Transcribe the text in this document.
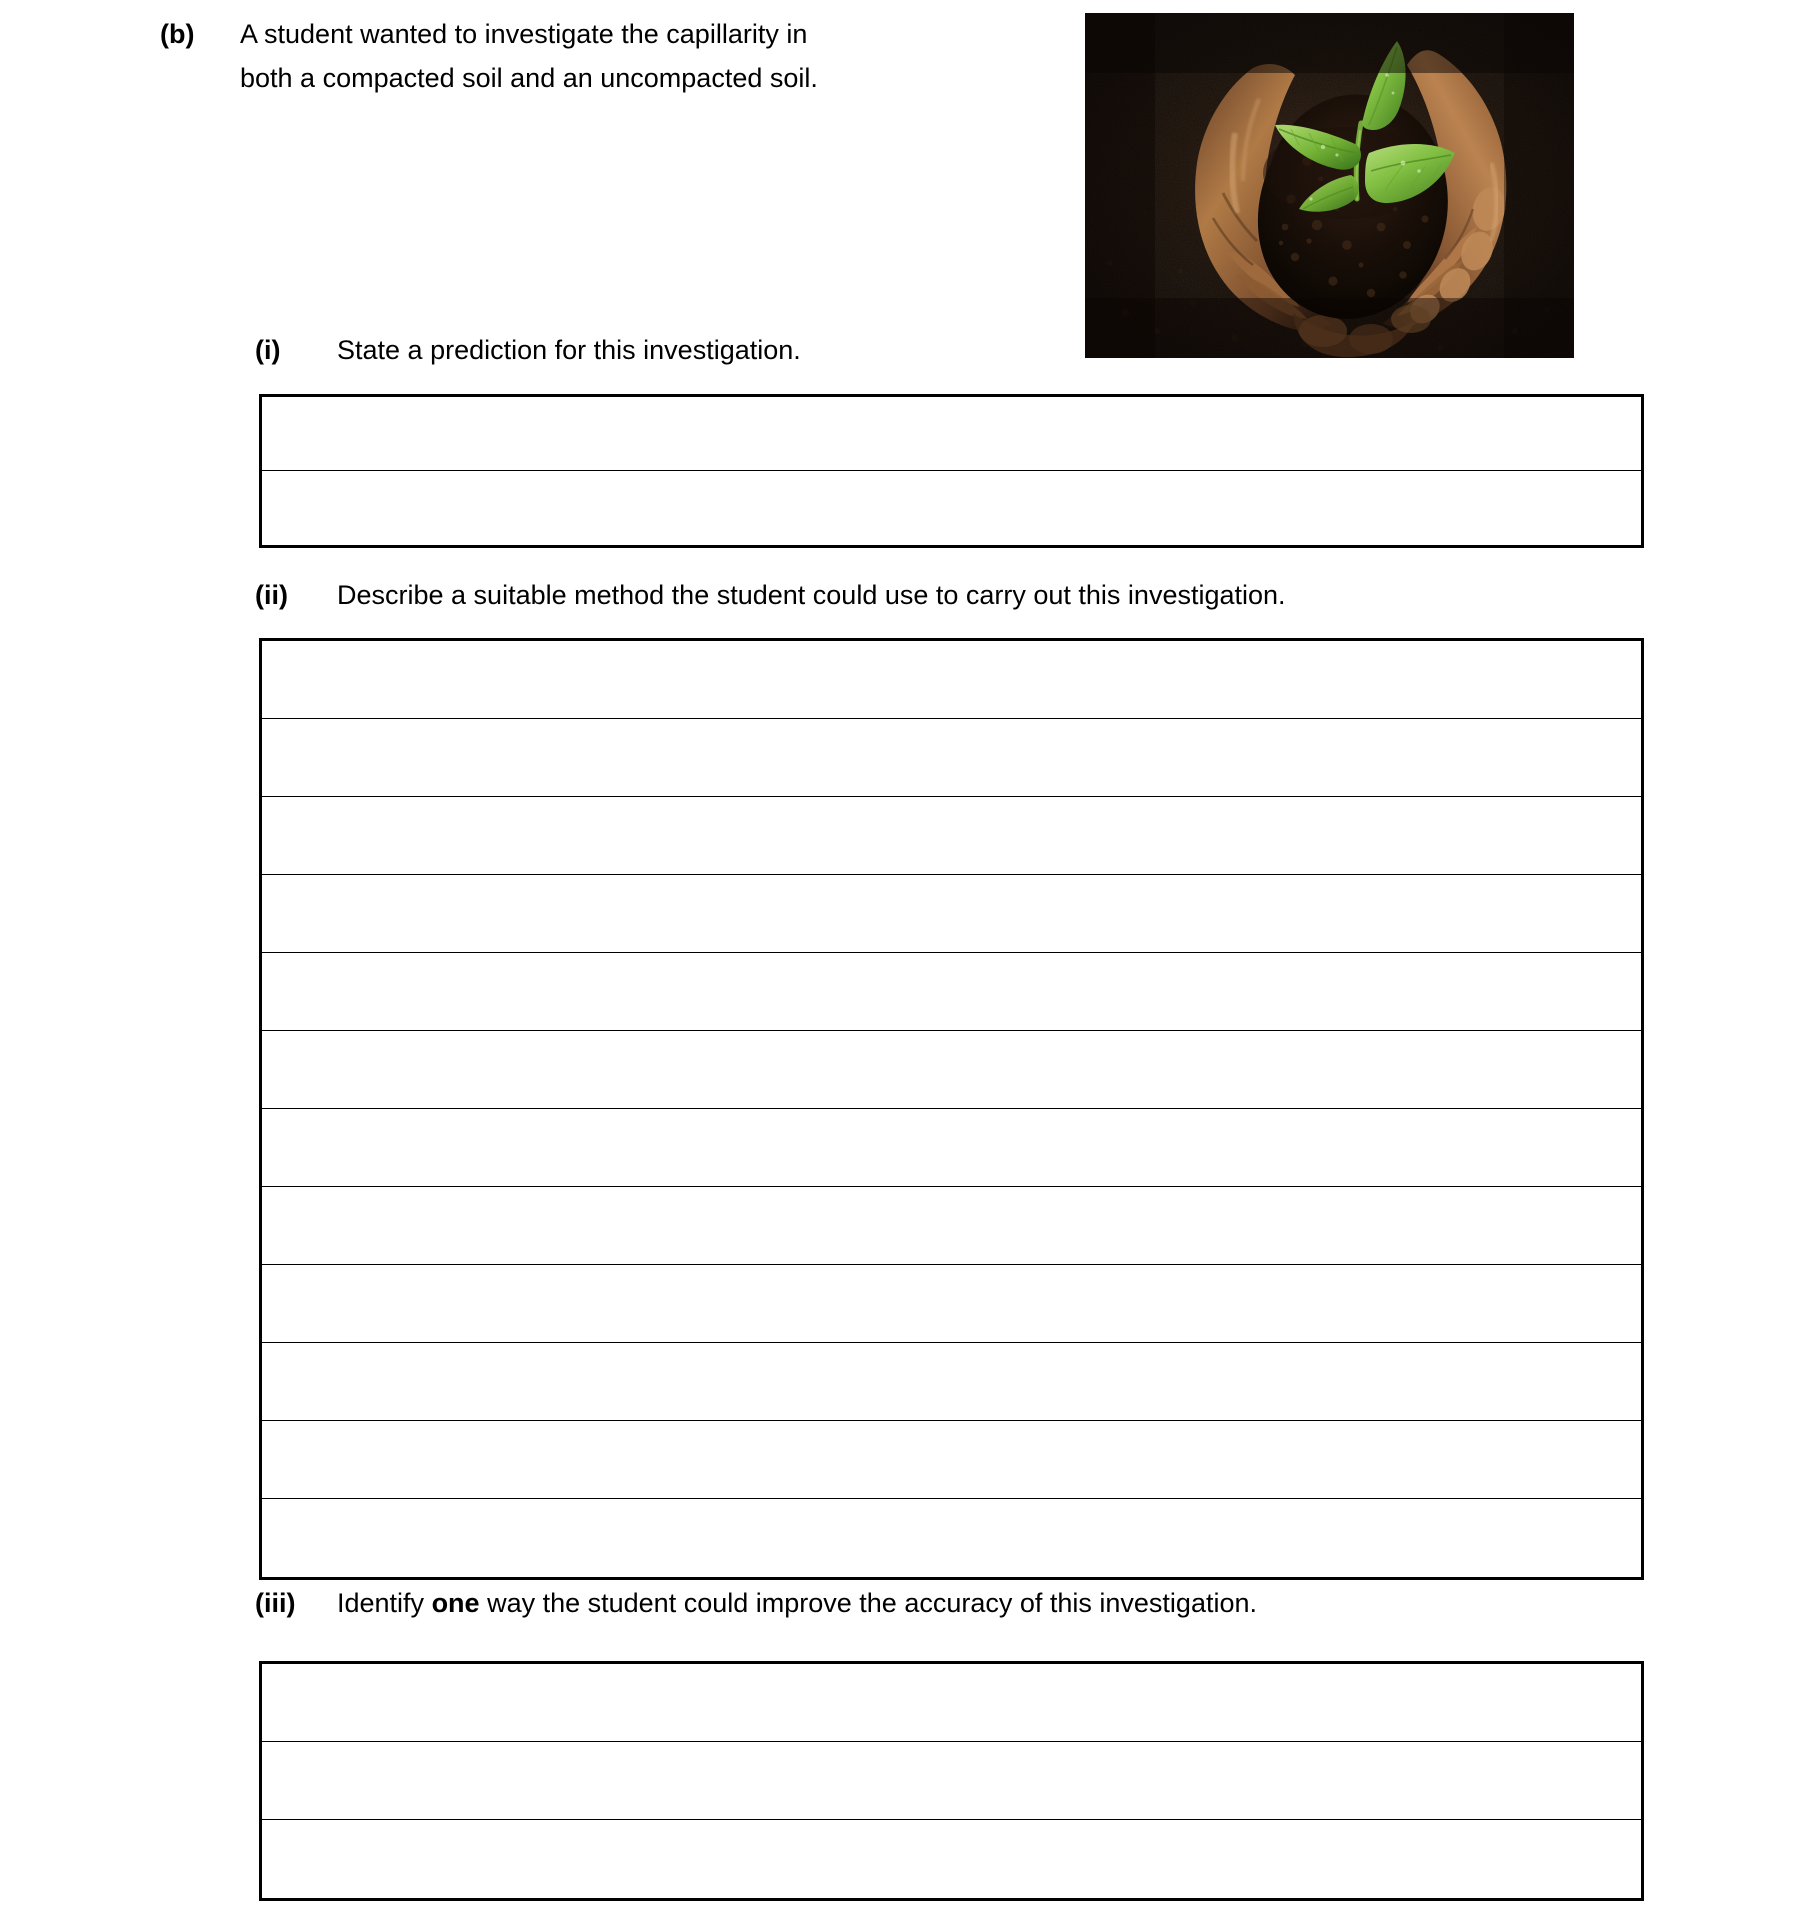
(b)	A student wanted to investigate the capillarity in

both a compacted soil and an uncompacted soil.

(i)	State a prediction for this investigation.
(ii)	Describe a suitable method the student could use to carry out this investigation.
(iii)	Identify one way the student could improve the accuracy of this investigation.
